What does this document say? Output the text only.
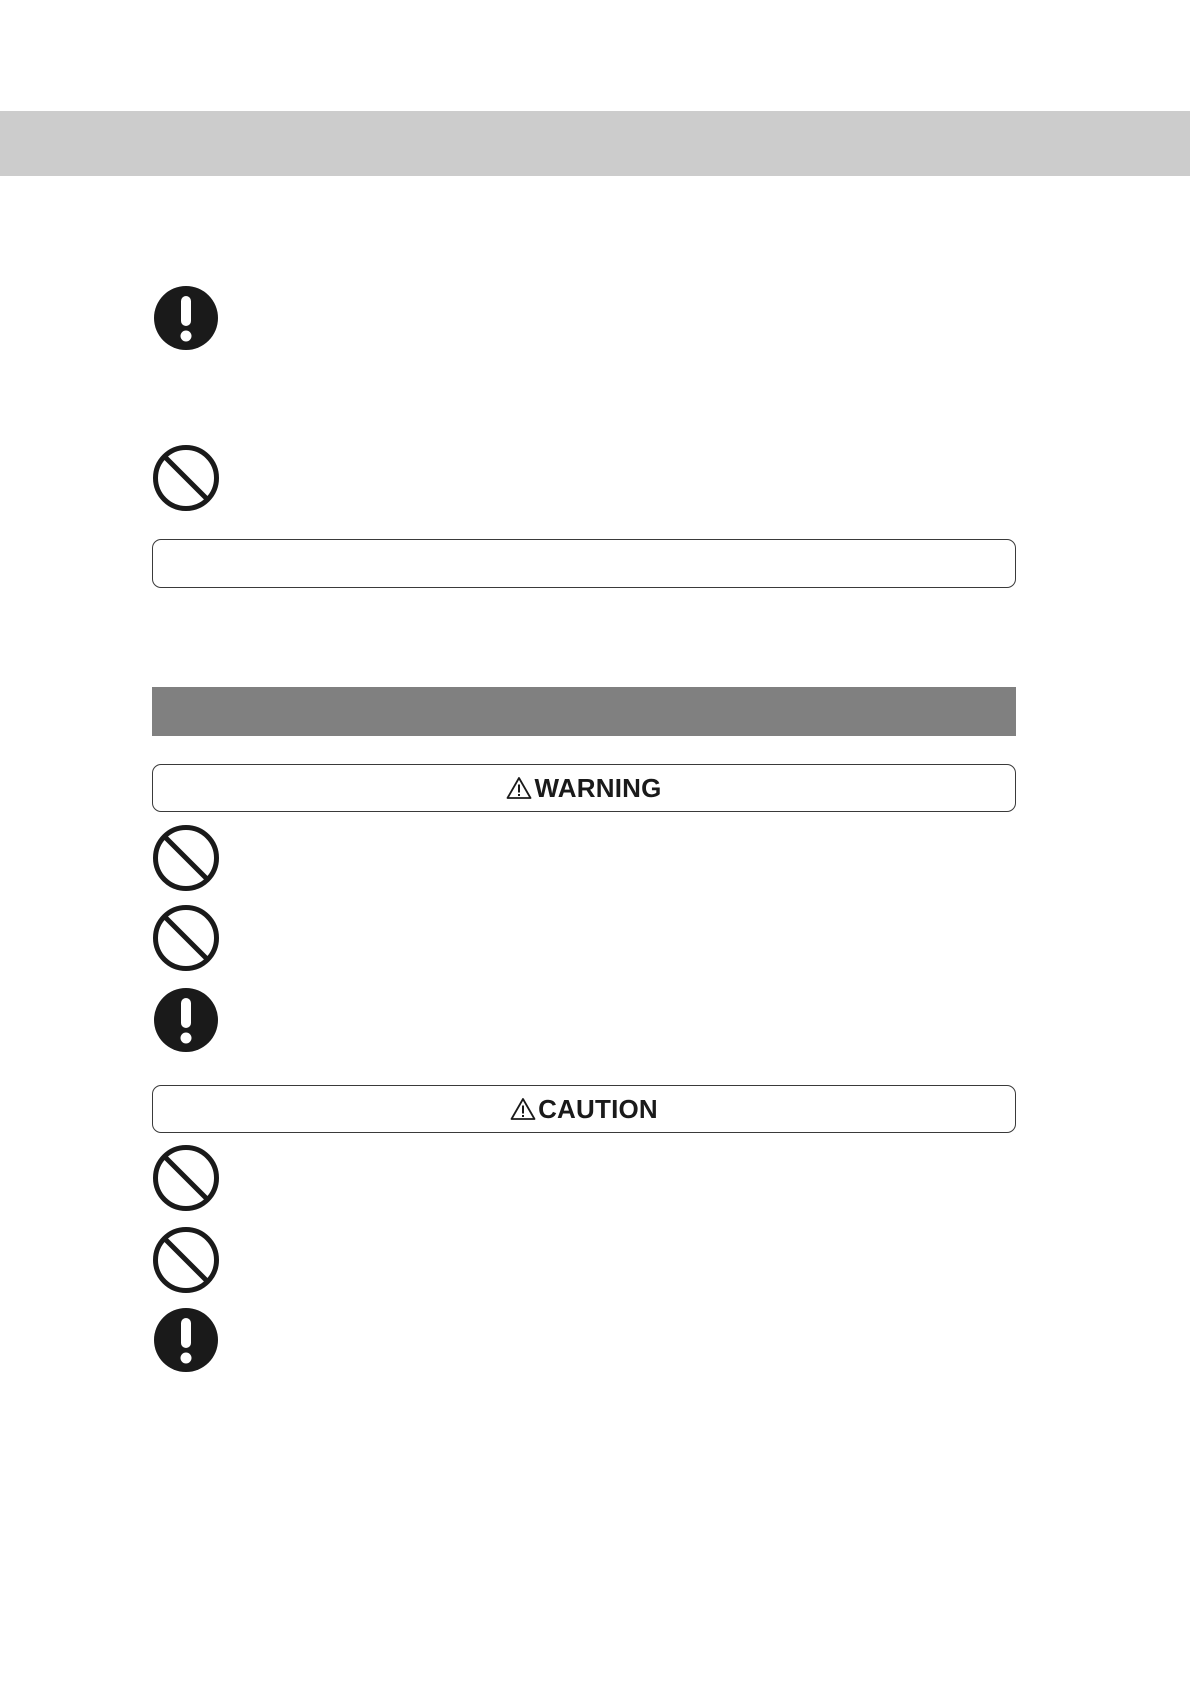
WARNING
CAUTION
